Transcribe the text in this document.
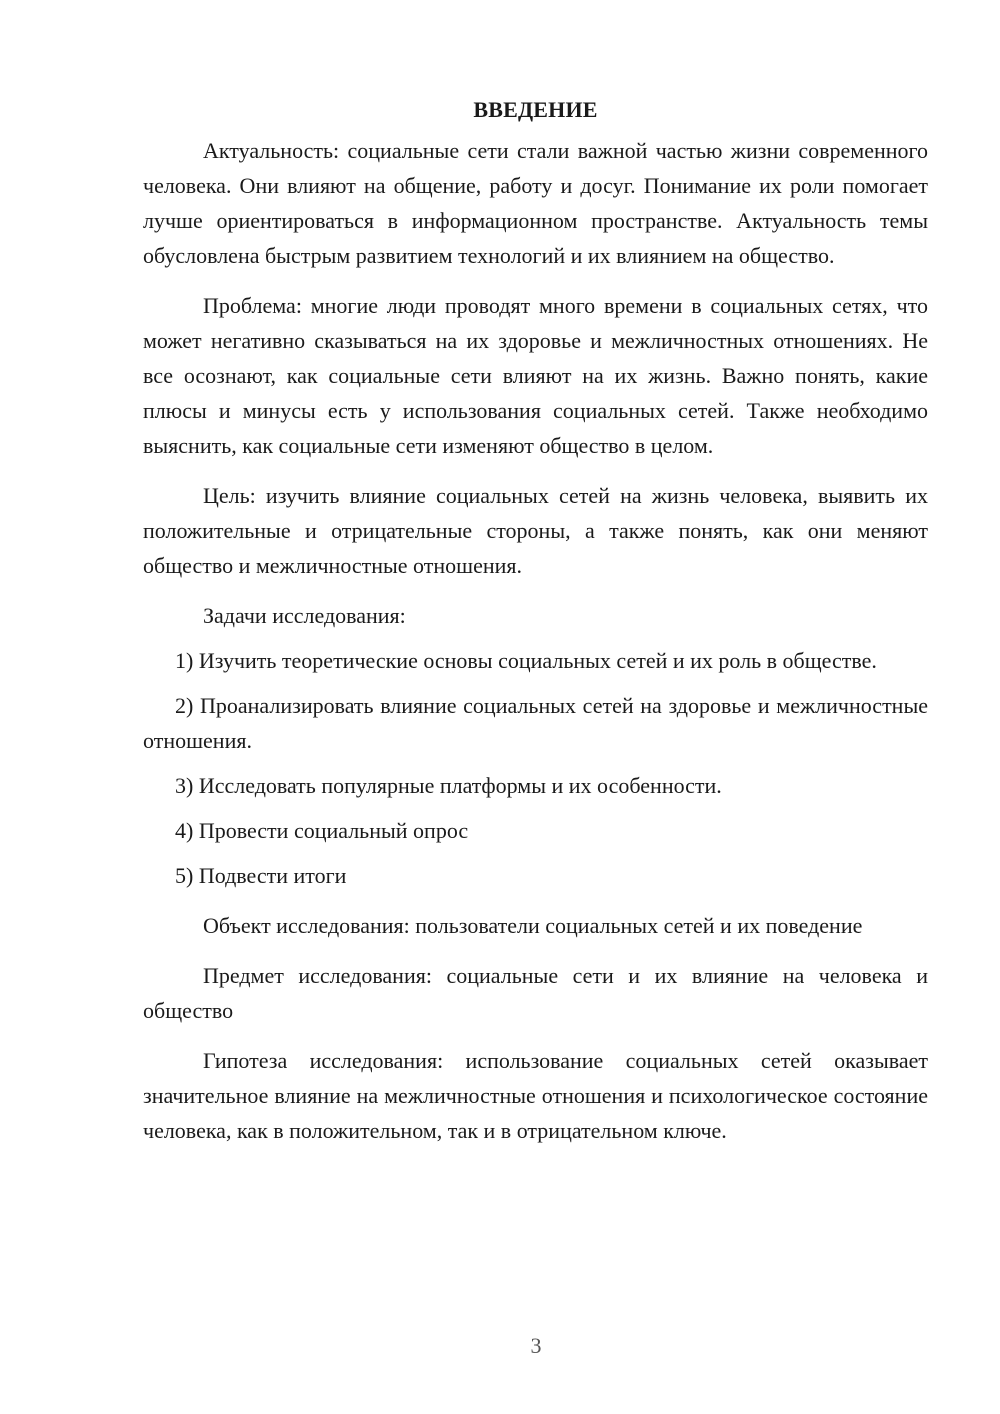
ВВЕДЕНИЕ

Актуальность: социальные сети стали важной частью жизни современного человека. Они влияют на общение, работу и досуг. Понимание их роли помогает лучше ориентироваться в информационном пространстве. Актуальность темы обусловлена быстрым развитием технологий и их влиянием на общество.

Проблема: многие люди проводят много времени в социальных сетях, что может негативно сказываться на их здоровье и межличностных отношениях. Не все осознают, как социальные сети влияют на их жизнь. Важно понять, какие плюсы и минусы есть у использования социальных сетей. Также необходимо выяснить, как социальные сети изменяют общество в целом.

Цель: изучить влияние социальных сетей на жизнь человека, выявить их положительные и отрицательные стороны, а также понять, как они меняют общество и межличностные отношения.

Задачи исследования:

1) Изучить теоретические основы социальных сетей и их роль в обществе.

2) Проанализировать влияние социальных сетей на здоровье и межличностные отношения.

3) Исследовать популярные платформы и их особенности.

4) Провести социальный опрос

5) Подвести итоги

Объект исследования: пользователи социальных сетей и их поведение

Предмет исследования: социальные сети и их влияние на человека и общество

Гипотеза исследования: использование социальных сетей оказывает значительное влияние на межличностные отношения и психологическое состояние человека, как в положительном, так и в отрицательном ключе.

3
